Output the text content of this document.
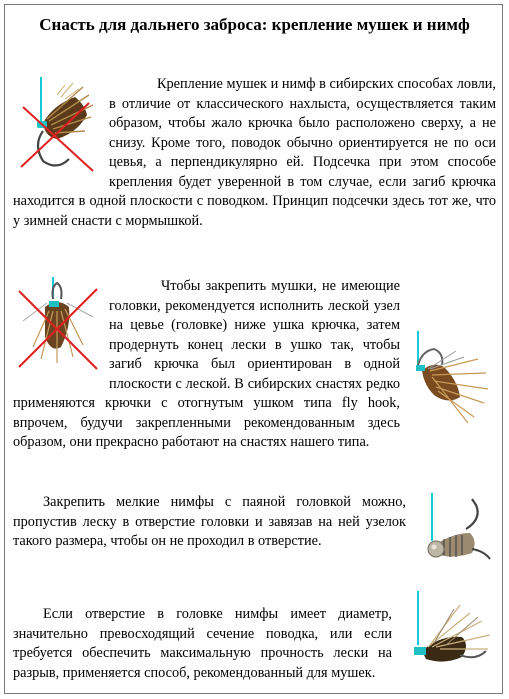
Снасть для дальнего заброса: крепление мушек и нимф
Крепление мушек и нимф в сибирских способах ловли, в отличие от классического нахлыста, осуществляется таким образом, чтобы жало крючка было расположено сверху, а не снизу. Кроме того, поводок обычно ориентируется не по оси цевья, а перпендикулярно ей. Подсечка при этом способе крепления будет уверенной в том случае, если загиб крючка находится в одной плоскости с поводком. Принцип подсечки здесь тот же, что у зимней снасти с мормышкой.
Чтобы закрепить мушки, не имеющие головки, рекомендуется исполнить леской узел на цевье (головке) ниже ушка крючка, затем продернуть конец лески в ушко так, чтобы загиб крючка был ориентирован в одной плоскости с леской. В сибирских снастях редко применяются крючки с отогнутым ушком типа fly hook, впрочем, будучи закрепленными рекомендованным здесь образом, они прекрасно работают на снастях нашего типа.
Закрепить мелкие нимфы с паяной головкой можно, пропустив леску в отверстие головки и завязав на ней узелок такого размера, чтобы он не проходил в отверстие.
Если отверстие в головке нимфы имеет диаметр, значительно превосходящий сечение поводка, или если требуется обеспечить максимальную прочность лески на разрыв, применяется способ, рекомендованный для мушек.
